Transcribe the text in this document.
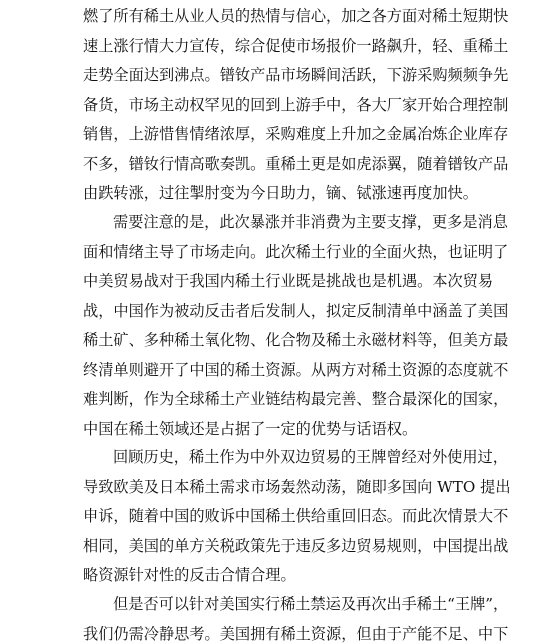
燃了所有稀土从业人员的热情与信心，加之各方面对稀土短期快
速上涨行情大力宣传，综合促使市场报价一路飙升，轻、重稀土
走势全面达到沸点。镨钕产品市场瞬间活跃，下游采购频频争先
备货，市场主动权罕见的回到上游手中，各大厂家开始合理控制
销售，上游惜售情绪浓厚，采购难度上升加之金属冶炼企业库存
不多，镨钕行情高歌奏凯。重稀土更是如虎添翼，随着镨钕产品
由跌转涨，过往掣肘变为今日助力，镝、铽涨速再度加快。
需要注意的是，此次暴涨并非消费为主要支撑，更多是消息
面和情绪主导了市场走向。此次稀土行业的全面火热，也证明了
中美贸易战对于我国内稀土行业既是挑战也是机遇。本次贸易
战，中国作为被动反击者后发制人，拟定反制清单中涵盖了美国
稀土矿、多种稀土氧化物、化合物及稀土永磁材料等，但美方最
终清单则避开了中国的稀土资源。从两方对稀土资源的态度就不
难判断，作为全球稀土产业链结构最完善、整合最深化的国家，
中国在稀土领域还是占据了一定的优势与话语权。
回顾历史，稀土作为中外双边贸易的王牌曾经对外使用过，
导致欧美及日本稀土需求市场轰然动荡，随即多国向 WTO 提出
申诉，随着中国的败诉中国稀土供给重回旧态。而此次情景大不
相同，美国的单方关税政策先于违反多边贸易规则，中国提出战
略资源针对性的反击合情合理。
但是否可以针对美国实行稀土禁运及再次出手稀土“王牌”，
我们仍需冷静思考。美国拥有稀土资源，但由于产能不足、中下
